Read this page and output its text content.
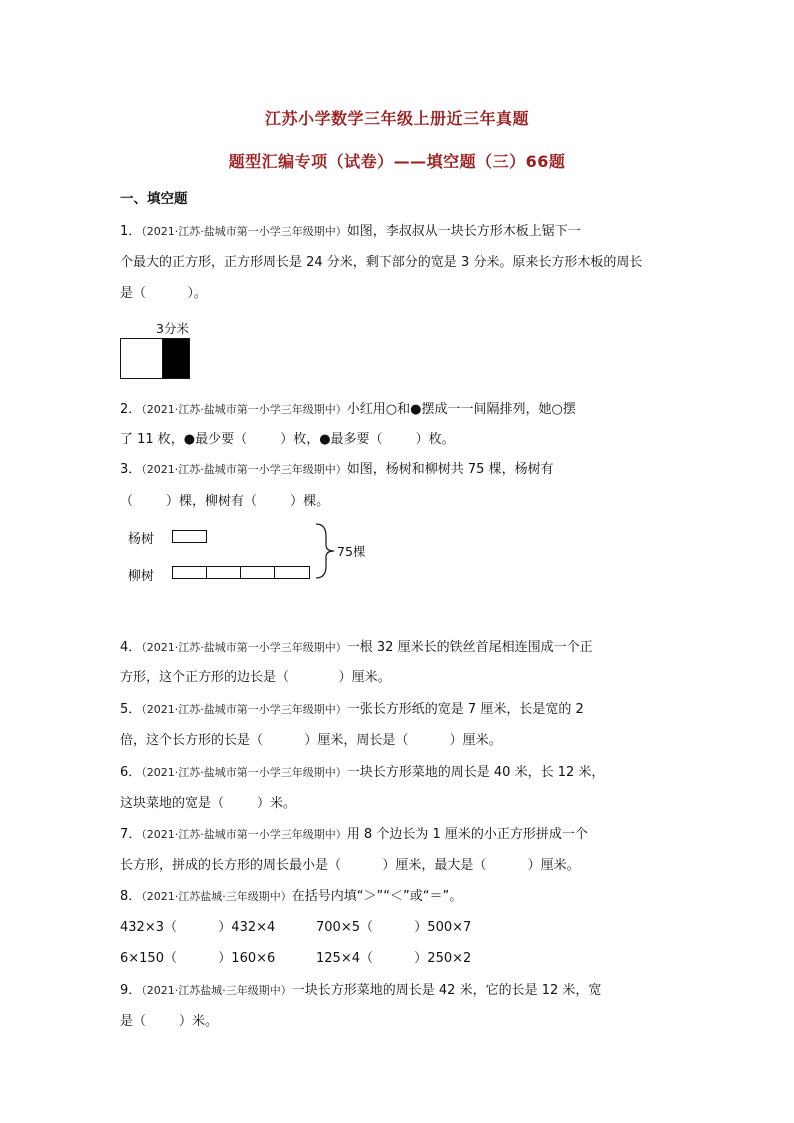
江苏小学数学三年级上册近三年真题
题型汇编专项（试卷）——填空题（三）66题
一、填空题
1．（2021·江苏·盐城市第一小学三年级期中）如图，李叔叔从一块长方形木板上锯下一
个最大的正方形，正方形周长是 24 分米，剩下部分的宽是 3 分米。原来长方形木板的周长
是（          ）。
3分米
2．（2021·江苏·盐城市第一小学三年级期中）小红用○和●摆成一一间隔排列，她○摆
了 11 枚，●最少要（        ）枚，●最多要（        ）枚。
3．（2021·江苏·盐城市第一小学三年级期中）如图，杨树和柳树共 75 棵，杨树有
（        ）棵，柳树有（        ）棵。
杨树
柳树
75棵
4．（2021·江苏·盐城市第一小学三年级期中）一根 32 厘米长的铁丝首尾相连围成一个正
方形，这个正方形的边长是（            ）厘米。
5．（2021·江苏·盐城市第一小学三年级期中）一张长方形纸的宽是 7 厘米，长是宽的 2
倍，这个长方形的长是（          ）厘米，周长是（          ）厘米。
6．（2021·江苏·盐城市第一小学三年级期中）一块长方形菜地的周长是 40 米，长 12 米，
这块菜地的宽是（        ）米。
7．（2021·江苏·盐城市第一小学三年级期中）用 8 个边长为 1 厘米的小正方形拼成一个
长方形，拼成的长方形的周长最小是（          ）厘米，最大是（          ）厘米。
8．（2021·江苏盐城·三年级期中）在括号内填“＞”“＜”或“＝”。
432×3（          ）432×4	700×5（          ）500×7
6×150（          ）160×6	125×4（          ）250×2
9．（2021·江苏盐城·三年级期中）一块长方形菜地的周长是 42 米，它的长是 12 米，宽
是（        ）米。
